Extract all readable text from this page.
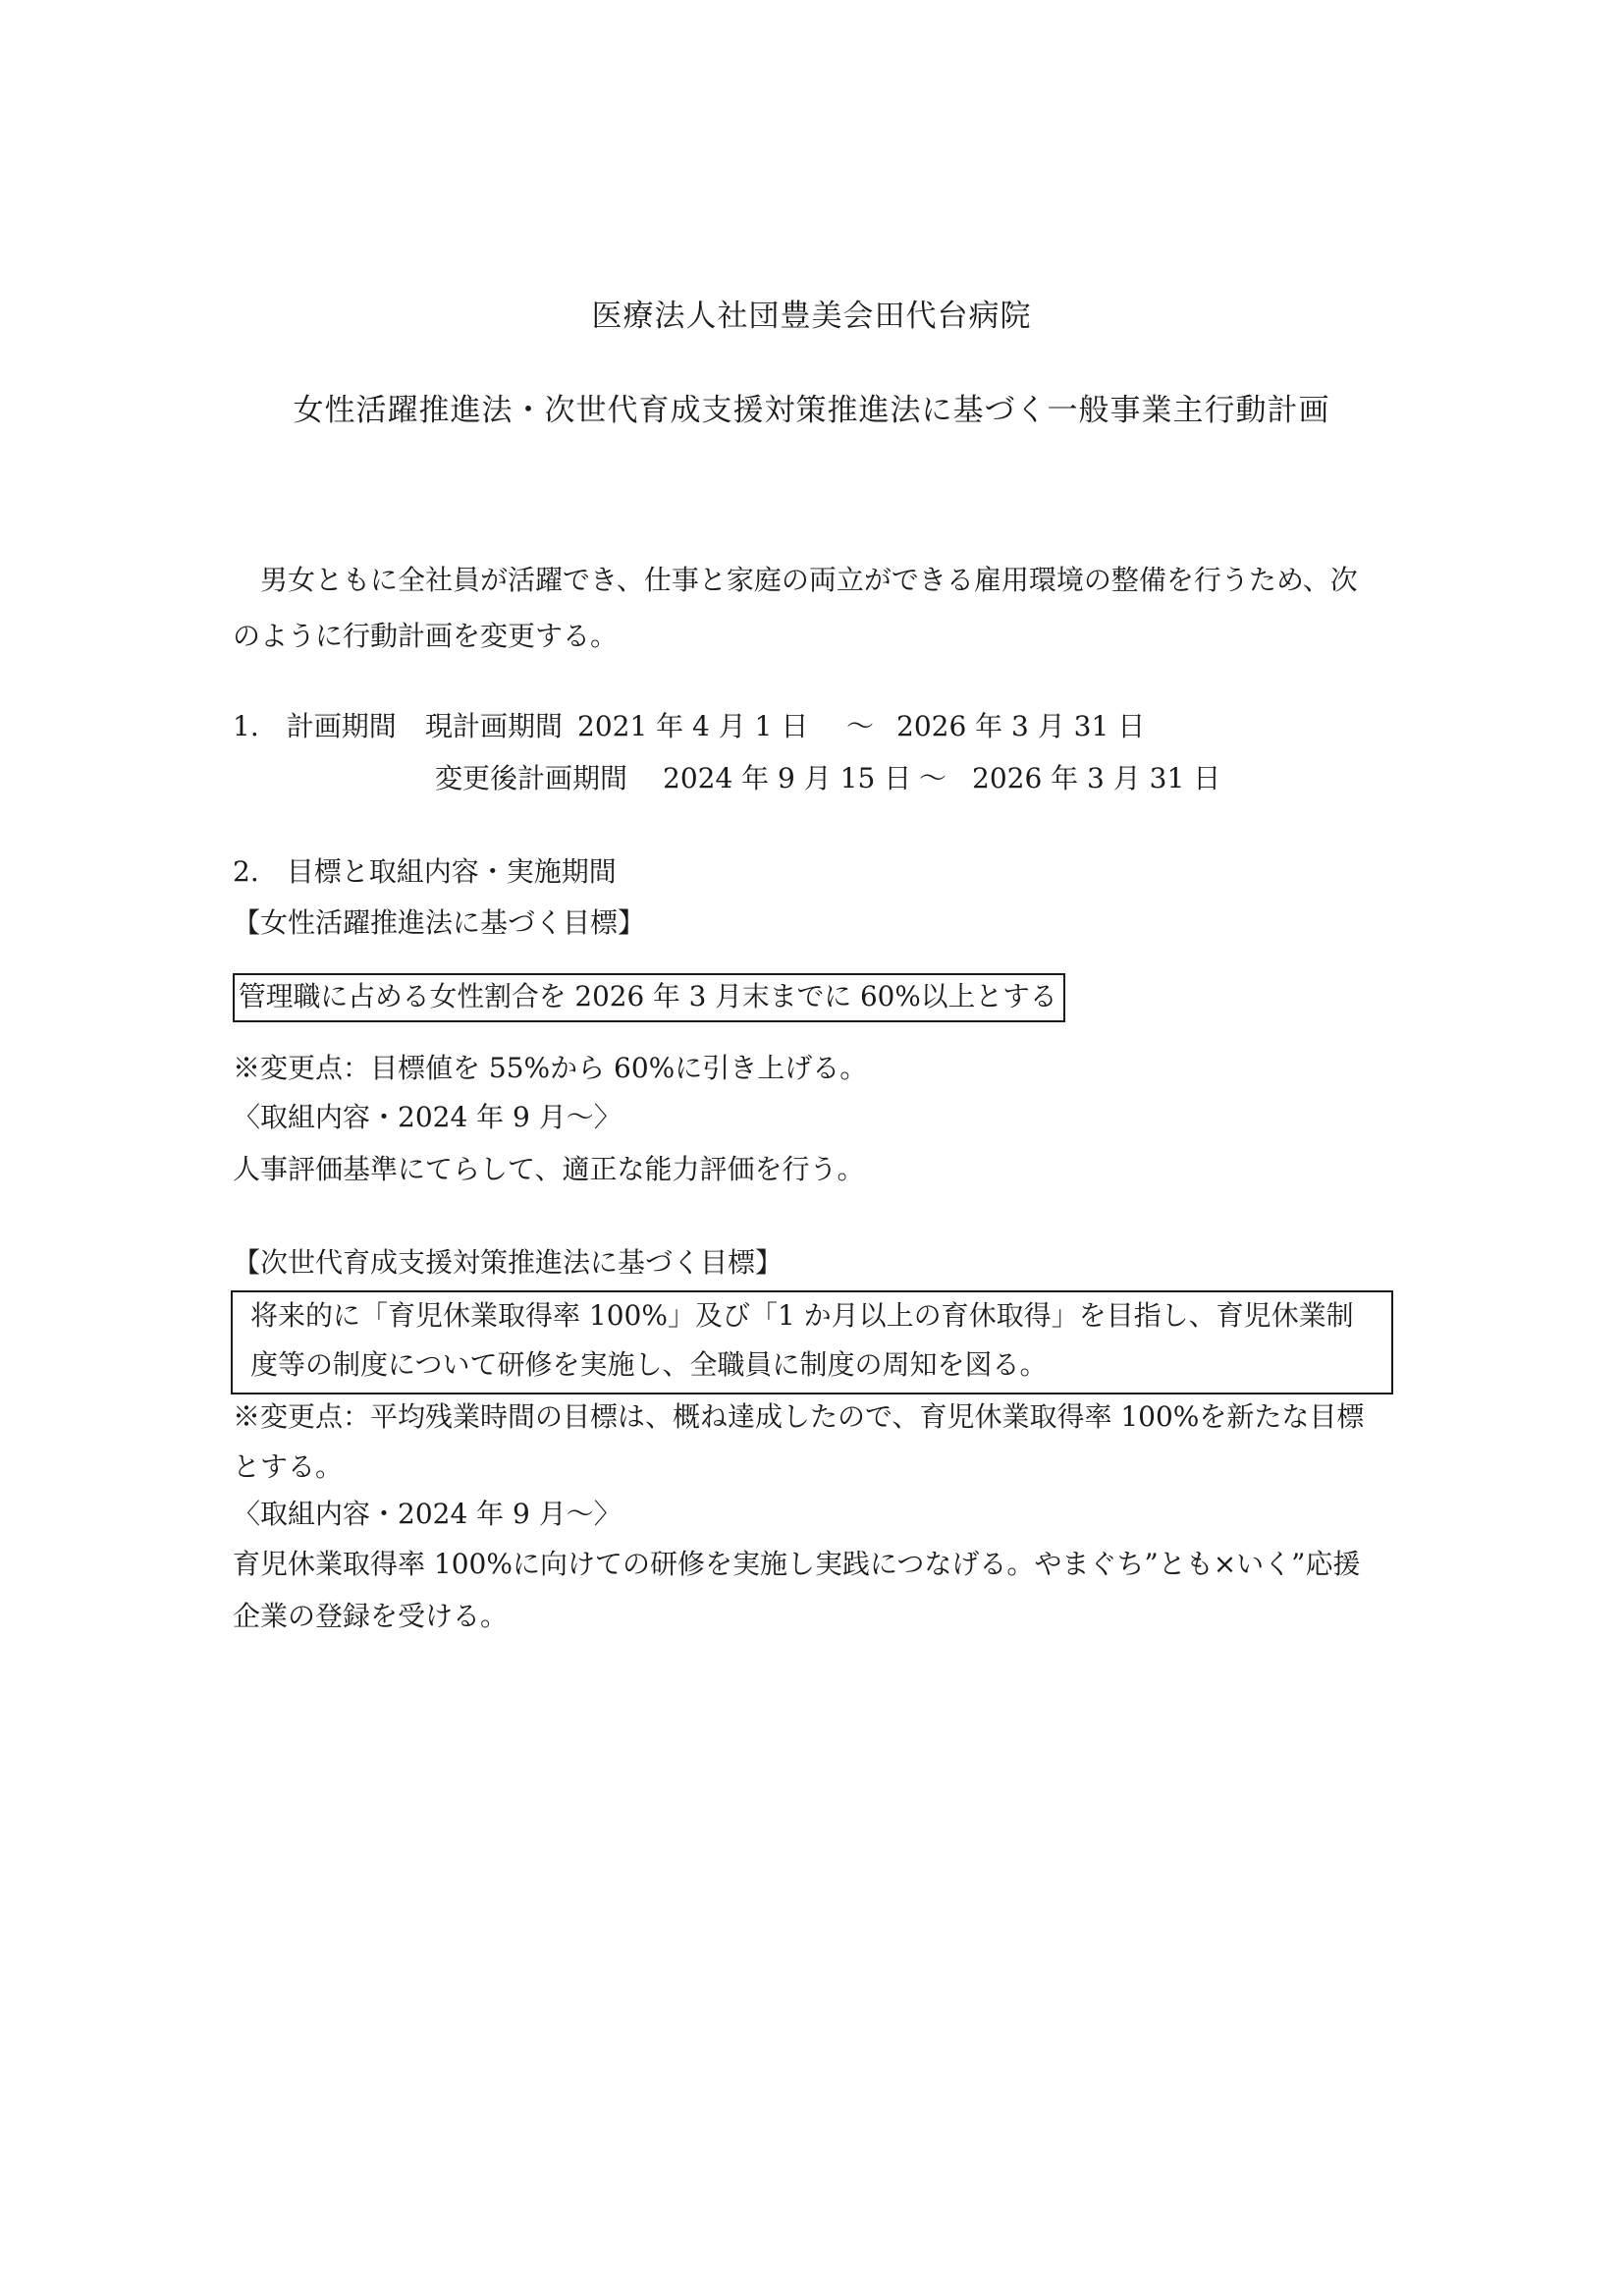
医療法人社団豊美会田代台病院
女性活躍推進法・次世代育成支援対策推進法に基づく一般事業主行動計画
男女ともに全社員が活躍でき、仕事と家庭の両立ができる雇用環境の整備を行うため、次
のように行動計画を変更する。
1.　計画期間 現計画期間 2021 年 4 月 1 日 ～ 2026 年 3 月 31 日
変更後計画期間 2024 年 9 月 15 日 ～ 2026 年 3 月 31 日
2.　目標と取組内容・実施期間
【女性活躍推進法に基づく目標】
管理職に占める女性割合を 2026 年 3 月末までに 60%以上とする
※変更点：目標値を 55%から 60%に引き上げる。
〈取組内容・2024 年 9 月～〉
人事評価基準にてらして、適正な能力評価を行う。
【次世代育成支援対策推進法に基づく目標】
将来的に「育児休業取得率 100%」及び「1 か月以上の育休取得」を目指し、育児休業制
度等の制度について研修を実施し、全職員に制度の周知を図る。
※変更点：平均残業時間の目標は、概ね達成したので、育児休業取得率 100%を新たな目標
とする。
〈取組内容・2024 年 9 月～〉
育児休業取得率 100%に向けての研修を実施し実践につなげる。やまぐち”とも×いく”応援
企業の登録を受ける。
